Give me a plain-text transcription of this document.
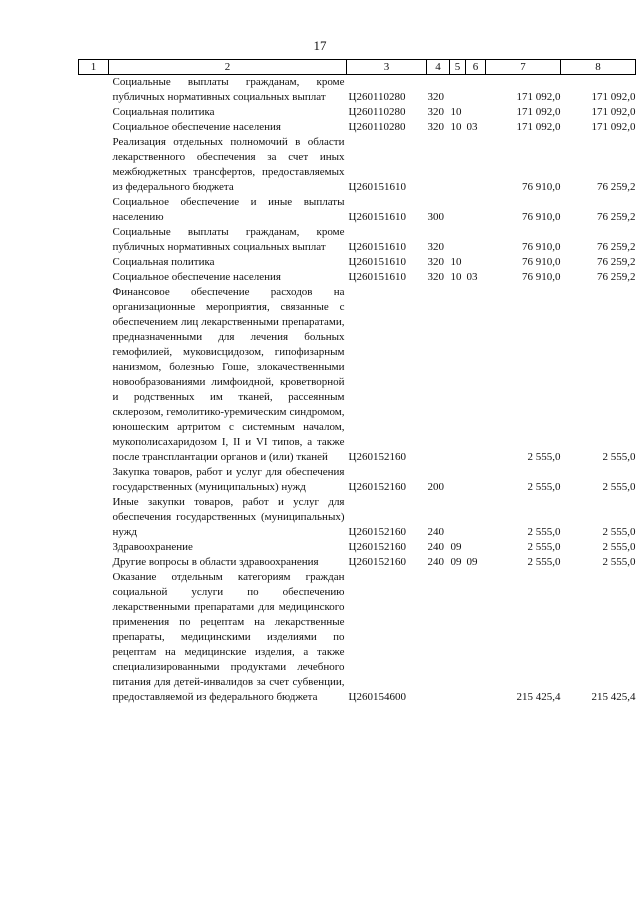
17
1	2	3	4	5	6	7	8
	Социальные выплаты гражданам, кроме публичных нормативных социальных выплат	Ц260110280	320			171 092,0	171 092,0
	Социальная политика	Ц260110280	320	10		171 092,0	171 092,0
	Социальное обеспечение населения	Ц260110280	320	10	03	171 092,0	171 092,0
	Реализация отдельных полномочий в области лекарственного обеспечения за счет иных межбюджетных трансфертов, предоставляемых из федерального бюджета	Ц260151610				76 910,0	76 259,2
	Социальное обеспечение и иные выплаты населению	Ц260151610	300			76 910,0	76 259,2
	Социальные выплаты гражданам, кроме публичных нормативных социальных выплат	Ц260151610	320			76 910,0	76 259,2
	Социальная политика	Ц260151610	320	10		76 910,0	76 259,2
	Социальное обеспечение населения	Ц260151610	320	10	03	76 910,0	76 259,2
	Финансовое обеспечение расходов на организационные мероприятия, связанные с обеспечением лиц лекарственными препаратами, предназначенными для лечения больных гемофилией, муковисцидозом, гипофизарным нанизмом, болезнью Гоше, злокачественными новообразованиями лимфоидной, кроветворной и родственных им тканей, рассеянным склерозом, гемолитико-уремическим синдромом, юношеским артритом с системным началом, мукополисахаридозом I, II и VI типов, а также после трансплантации органов и (или) тканей	Ц260152160				2 555,0	2 555,0
	Закупка товаров, работ и услуг для обеспечения государственных (муниципальных) нужд	Ц260152160	200			2 555,0	2 555,0
	Иные закупки товаров, работ и услуг для обеспечения государственных (муниципальных) нужд	Ц260152160	240			2 555,0	2 555,0
	Здравоохранение	Ц260152160	240	09		2 555,0	2 555,0
	Другие вопросы в области здравоохранения	Ц260152160	240	09	09	2 555,0	2 555,0
	Оказание отдельным категориям граждан социальной услуги по обеспечению лекарственными препаратами для медицинского применения по рецептам на лекарственные препараты, медицинскими изделиями по рецептам на медицинские изделия, а также специализированными продуктами лечебного питания для детей-инвалидов за счет субвенции, предоставляемой из федерального бюджета	Ц260154600				215 425,4	215 425,4
